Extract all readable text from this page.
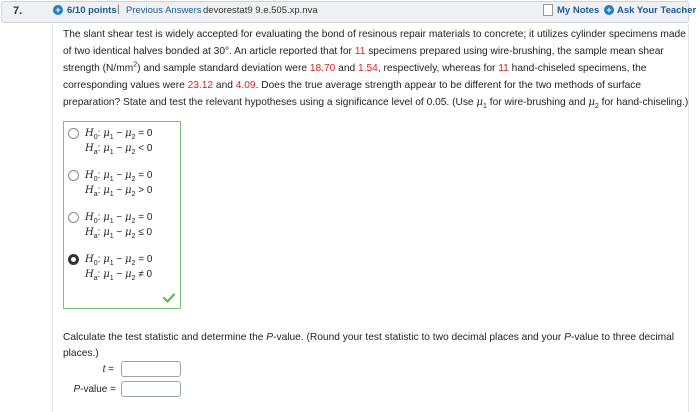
7.	+ 6/10 points | Previous Answers devorestat9 9.e.505.xp.nva	My Notes + Ask Your Teacher
The slant shear test is widely accepted for evaluating the bond of resinous repair materials to concrete; it utilizes cylinder specimens made of two identical halves bonded at 30°. An article reported that for 11 specimens prepared using wire-brushing, the sample mean shear strength $(N/mm^2)$ and sample standard deviation were 18.70 and 1.54, respectively, whereas for 11 hand-chiseled specimens, the corresponding values were 23.12 and 4.09. Does the true average strength appear to be different for the two methods of surface preparation? State and test the relevant hypotheses using a significance level of 0.05. (Use $\mu_1$ for wire-brushing and $\mu_2$ for hand-chiseling.)
$H_0$: $\mu_1 - \mu_2 = 0$
$H_a$: $\mu_1 - \mu_2 < 0$
$H_0$: $\mu_1 - \mu_2 = 0$
$H_a$: $\mu_1 - \mu_2 > 0$
$H_0$: $\mu_1 - \mu_2 = 0$
$H_a$: $\mu_1 - \mu_2 \le 0$
$H_0$: $\mu_1 - \mu_2 = 0$
$H_a$: $\mu_1 - \mu_2 \ne 0$
Calculate the test statistic and determine the P-value. (Round your test statistic to two decimal places and your P-value to three decimal places.)
t =
P-value =
